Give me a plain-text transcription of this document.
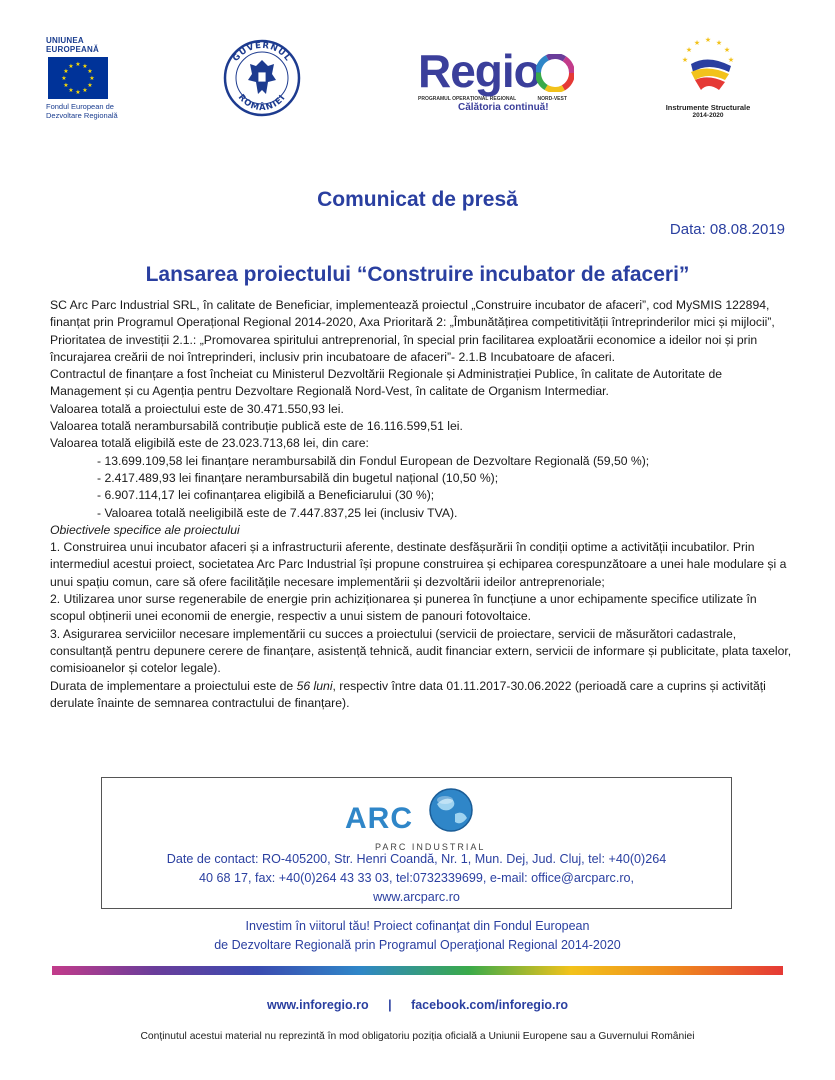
UNIUNEA EUROPEANĂ
★ ★
★
★
★
★
★
★
★
★
★
★
Fondul European de
Dezvoltare Regională
GUVERNUL
ROMÂNIEI
Regio
PROGRAMUL OPERAȚIONAL REGIONAL	NORD-VEST
Călătoria continuă!
★ ★
★
★
★
★	★
Instrumente Structurale
2014-2020
Comunicat de presă
Data: 08.08.2019
Lansarea proiectului “Construire incubator de afaceri”

SC Arc Parc Industrial SRL, în calitate de Beneficiar, implementează proiectul „Construire incubator de afaceri”, cod MySMIS 122894, finanțat prin Programul Operațional Regional 2014-2020, Axa Prioritară 2: „Îmbunătățirea competitivității întreprinderilor mici și mijlocii”, Prioritatea de investiții 2.1.: „Promovarea spiritului antreprenorial, în special prin facilitarea exploatării economice a ideilor noi și prin încurajarea creării de noi întreprinderi, inclusiv prin incubatoare de afaceri”- 2.1.B Incubatoare de afaceri.

Contractul de finanțare a fost încheiat cu Ministerul Dezvoltării Regionale și Administrației Publice, în calitate de Autoritate de Management și cu Agenția pentru Dezvoltare Regională Nord-Vest, în calitate de Organism Intermediar.

Valoarea totală a proiectului este de 30.471.550,93 lei.

Valoarea totală nerambursabilă contribuție publică este de 16.116.599,51 lei.

Valoarea totală eligibilă este de 23.023.713,68 lei, din care:

- 13.699.109,58 lei finanțare nerambursabilă din Fondul European de Dezvoltare Regională (59,50 %);

- 2.417.489,93 lei finanțare nerambursabilă din bugetul național (10,50 %);

- 6.907.114,17 lei cofinanțarea eligibilă a Beneficiarului (30 %);

- Valoarea totală neeligibilă este de 7.447.837,25 lei (inclusiv TVA).

Obiectivele specifice ale proiectului

1. Construirea unui incubator afaceri și a infrastructurii aferente, destinate desfășurării în condiții optime a activității incubatilor. Prin intermediul acestui proiect, societatea Arc Parc Industrial își propune construirea și echiparea corespunzătoare a unei hale modulare și a unui spațiu comun, care să ofere facilitățile necesare implementării și dezvoltării ideilor antreprenoriale;

2. Utilizarea unor surse regenerabile de energie prin achiziționarea și punerea în funcțiune a unor echipamente specifice utilizate în scopul obținerii unei economii de energie, respectiv a unui sistem de panouri fotovoltaice.

3. Asigurarea serviciilor necesare implementării cu succes a proiectului (servicii de proiectare, servicii de măsurători cadastrale, consultanță pentru depunere cerere de finanțare, asistență tehnică, audit financiar extern, servicii de informare și publicitate, plata taxelor, comisioanelor și cotelor legale).

Durata de implementare a proiectului este de 56 luni, respectiv între data 01.11.2017-30.06.2022 (perioadă care a cuprins și activități derulate înainte de semnarea contractului de finanțare).

ARC
PARC INDUSTRIAL
Date de contact: RO-405200, Str. Henri Coandă, Nr. 1, Mun. Dej, Jud. Cluj, tel: +40(0)264
40 68 17, fax: +40(0)264 43 33 03, tel:0732339699, e-mail: office@arcparc.ro,
www.arcparc.ro
Investim în viitorul tău! Proiect cofinanţat din Fondul European
de Dezvoltare Regională prin Programul Operaţional Regional 2014-2020
www.inforegio.ro | facebook.com/inforegio.ro
Conținutul acestui material nu reprezintă în mod obligatoriu poziția oficială a Uniunii Europene sau a Guvernului României
